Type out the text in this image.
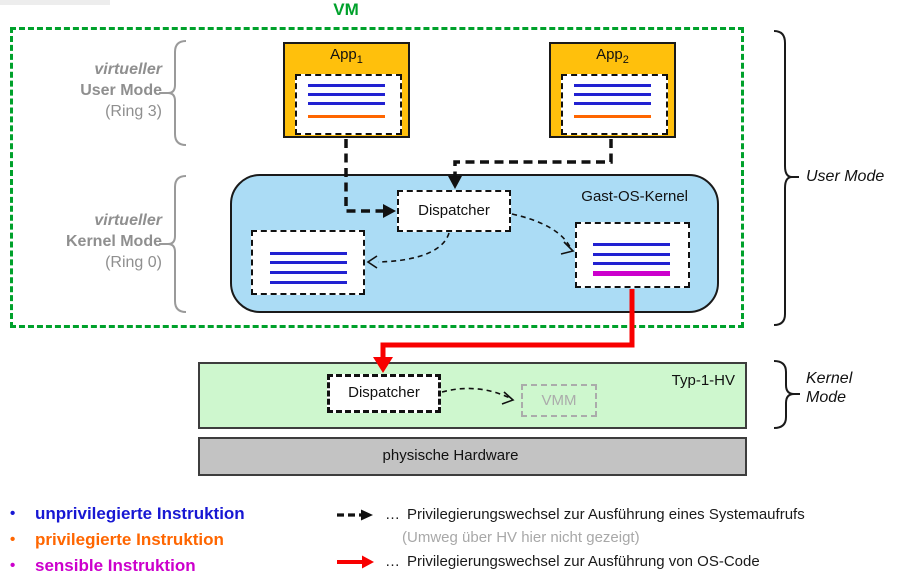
VM
virtueller
User Mode
(Ring 3)
virtueller
Kernel Mode
(Ring 0)
App$_1$	App$_2$
Gast-OS-Kernel
Dispatcher
Typ-1-HV
Dispatcher	VMM
physische Hardware
User Mode
Kernel
Mode
•	unprivilegierte Instruktion
•	privilegierte Instruktion
•	sensible Instruktion
… Privilegierungswechsel zur Ausführung eines Systemaufrufs
(Umweg über HV hier nicht gezeigt)
… Privilegierungswechsel zur Ausführung von OS-Code
